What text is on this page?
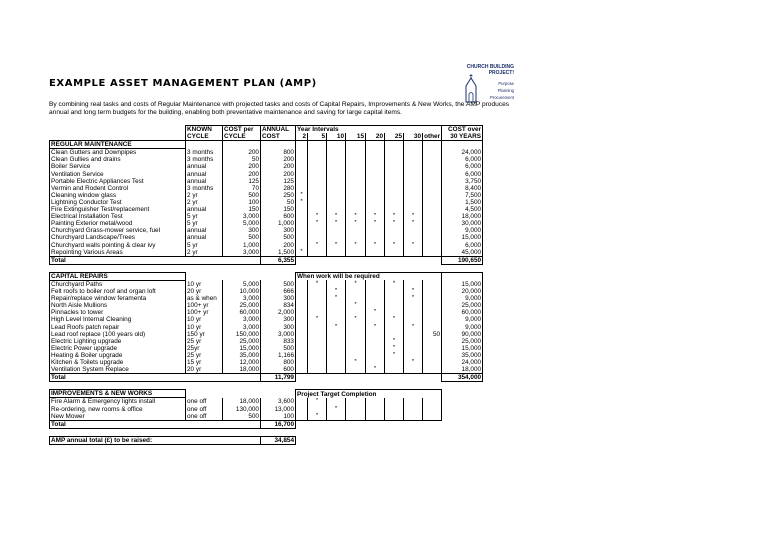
EXAMPLE ASSET MANAGEMENT PLAN (AMP)
CHURCH BUILDING PROJECT!
Purpose
Planning
Procurement
By combining real tasks and costs of Regular Maintenance with projected tasks and costs of Capital Repairs, Improvements & New Works, the AMP produces annual and long term budgets for the building, enabling both preventative maintenance and saving for large capital items.
	KNOWN	COST per	ANNUAL	Year Intervals								COST over
	CYCLE	CYCLE	COST	2	5	10	15	20	25	30	other	30 YEARS
REGULAR MAINTENANCE												
Clean Gutters and Downpipes	3 months	200	800									24,000
Clean Gullies and drains	3 months	50	200									6,000
Boiler Service	annual	200	200									6,000
Ventilation Service	annual	200	200									6,000
Portable Electric Appliances Test	annual	125	125									3,750
Vermin and Rodent Control	3 months	70	280									8,400
Cleaning window glass	2 yr	500	250	*								7,500
Lightning Conductor Test	2 yr	100	50	*								1,500
Fire Extinguisher Test/replacement	annual	150	150									4,500
Electrical Installation Test	5 yr	3,000	600		*	*	*	*	*	*		18,000
Painting Exterior metal/wood	5 yr	5,000	1,000		*	*	*	*	*	*		30,000
Churchyard Grass-mower service, fuel	annual	300	300									9,000
Churchyard Landscape/Trees	annual	500	500									15,000
Churchyard walls pointing & clear ivy	5 yr	1,000	200		*	*	*	*	*	*		6,000
Repointing Various Areas	2 yr	3,000	1,500	*								45,000
Total			6,355									190,650

CAPITAL REPAIRS				When work will be required								
Churchyard Paths	10 yr	5,000	500		*		*		*			15,000
Felt roofs to boiler roof and organ loft	20 yr	10,000	666			*				*		20,000
Repair/replace window feramenta	as & when	3,000	300			*				*		9,000
North Aisle Mullions	100+ yr	25,000	834				*					25,000
Pinnacles to tower	100+ yr	60,000	2,000					*				60,000
High Level Internal Cleaning	10 yr	3,000	300		*		*		*			9,000
Lead Roofs patch repair	10 yr	3,000	300			*		*		*		9,000
Lead roof replace (100 years old)	150 yr	150,000	3,000								50	90,000
Electric Lighting upgrade	25 yr	25,000	833						*			25,000
Electric Power upgrade	25yr	15,000	500						*			15,000
Heating & Boiler upgrade	25 yr	35,000	1,166						*			35,000
Kitchen & Toilets upgrade	15 yr	12,000	800				*			*		24,000
Ventilation System Replace	20 yr	18,000	600					*				18,000
Total			11,799									354,000

IMPROVEMENTS & NEW WORKS				Project Target Completion								
Fire Alarm & Emergency lights install	one off	18,000	3,600		*							
Re-ordering, new rooms & office	one off	130,000	13,000			*						
New Mower	one off	500	100		*							
Total			16,700									

AMP annual total (£) to be raised:			34,854									
